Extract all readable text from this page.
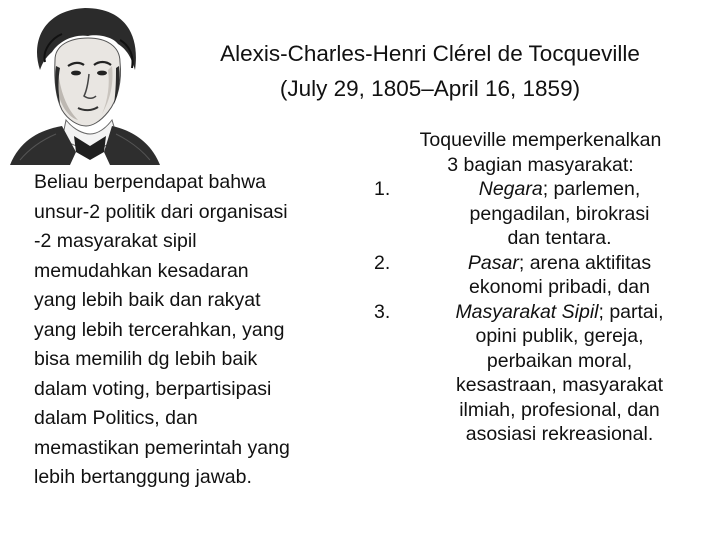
Alexis-Charles-Henri Clérel de Tocqueville
(July 29, 1805–April 16, 1859)
Beliau berpendapat bahwa
unsur-2 politik dari organisasi
-2 masyarakat sipil
memudahkan kesadaran
yang lebih baik dan rakyat
yang lebih tercerahkan, yang
bisa memilih dg lebih baik
dalam voting, berpartisipasi
dalam Politics, dan
memastikan pemerintah yang
lebih bertanggung jawab.
Toqueville memperkenalkan
3 bagian masyarakat:
1.	Negara; parlemen,
pengadilan, birokrasi
dan tentara.
2.	Pasar; arena aktifitas
ekonomi pribadi, dan
3.	Masyarakat Sipil; partai,
opini publik, gereja,
perbaikan moral,
kesastraan, masyarakat
ilmiah, profesional, dan
asosiasi rekreasional.
